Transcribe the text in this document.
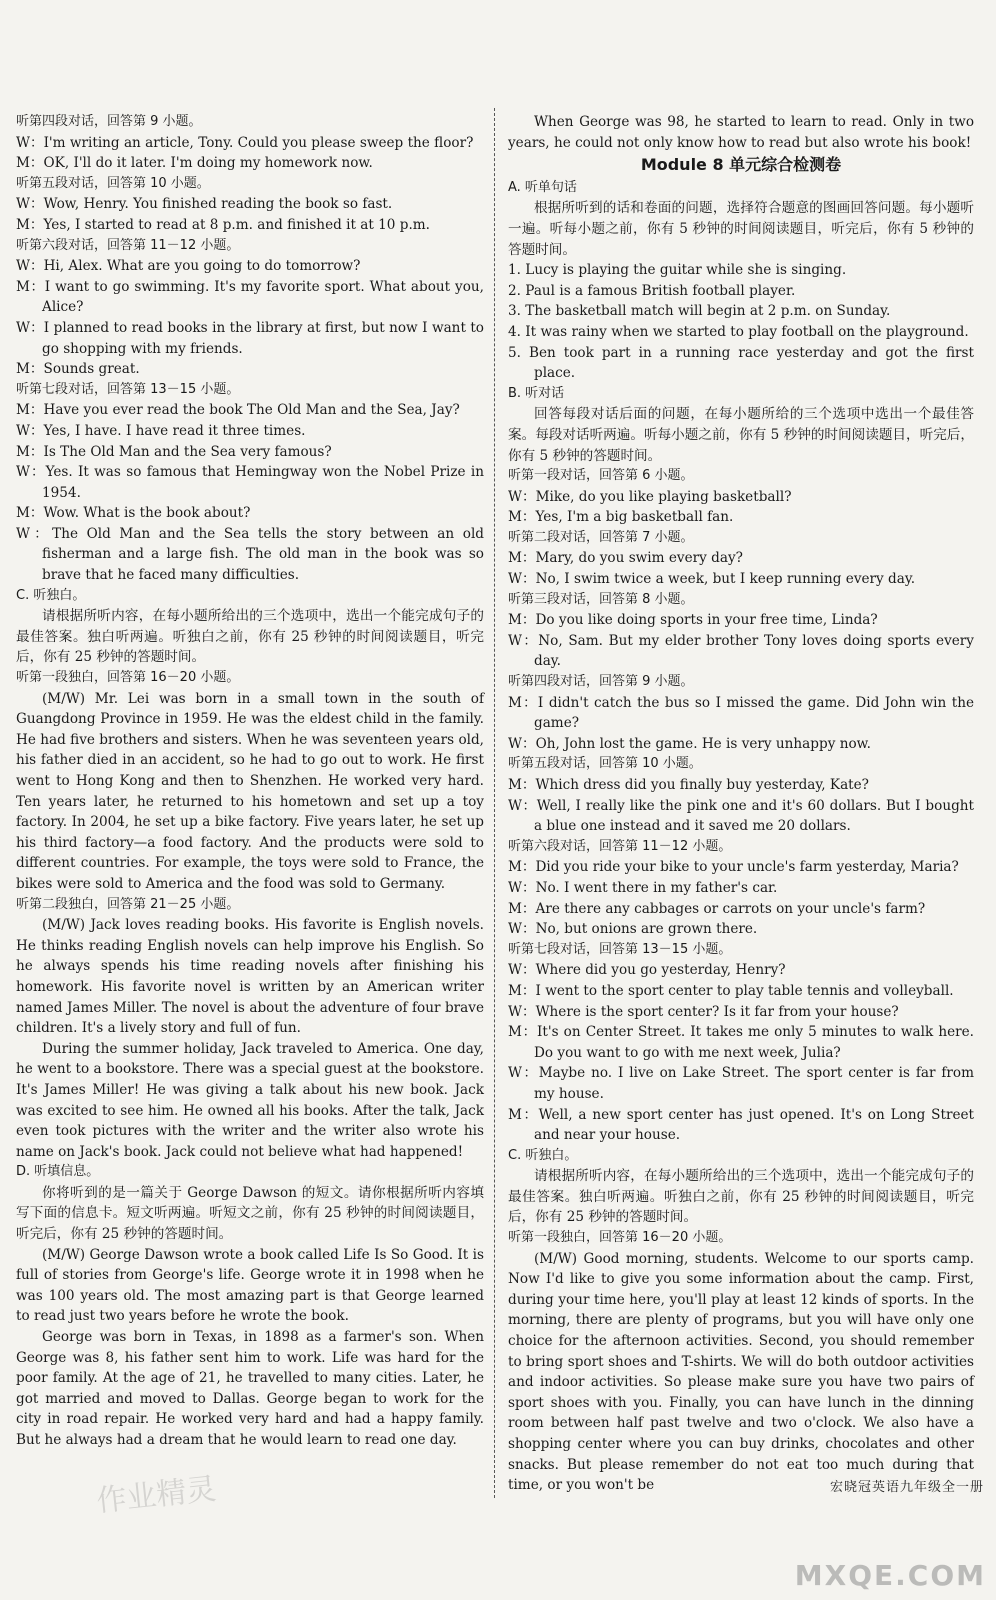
听第四段对话，回答第 9 小题。
W：I'm writing an article, Tony. Could you please sweep the floor?
M：OK, I'll do it later. I'm doing my homework now.
听第五段对话，回答第 10 小题。
W：Wow, Henry. You finished reading the book so fast.
M：Yes, I started to read at 8 p.m. and finished it at 10 p.m.
听第六段对话，回答第 11－12 小题。
W：Hi, Alex. What are you going to do tomorrow?
M：I want to go swimming. It's my favorite sport. What about you, Alice?
W：I planned to read books in the library at first, but now I want to go shopping with my friends.
M：Sounds great.
听第七段对话，回答第 13－15 小题。
M：Have you ever read the book The Old Man and the Sea, Jay?
W：Yes, I have. I have read it three times.
M：Is The Old Man and the Sea very famous?
W：Yes. It was so famous that Hemingway won the Nobel Prize in 1954.
M：Wow. What is the book about?
W：The Old Man and the Sea tells the story between an old fisherman and a large fish. The old man in the book was so brave that he faced many difficulties.
C. 听独白。
请根据所听内容，在每小题所给出的三个选项中，选出一个能完成句子的最佳答案。独白听两遍。听独白之前，你有 25 秒钟的时间阅读题目，听完后，你有 25 秒钟的答题时间。
听第一段独白，回答第 16－20 小题。
(M/W) Mr. Lei was born in a small town in the south of Guangdong Province in 1959. He was the eldest child in the family. He had five brothers and sisters. When he was seventeen years old, his father died in an accident, so he had to go out to work. He first went to Hong Kong and then to Shenzhen. He worked very hard. Ten years later, he returned to his hometown and set up a toy factory. In 2004, he set up a bike factory. Five years later, he set up his third factory—a food factory. And the products were sold to different countries. For example, the toys were sold to France, the bikes were sold to America and the food was sold to Germany.
听第二段独白，回答第 21－25 小题。
(M/W) Jack loves reading books. His favorite is English novels. He thinks reading English novels can help improve his English. So he always spends his time reading novels after finishing his homework. His favorite novel is written by an American writer named James Miller. The novel is about the adventure of four brave children. It's a lively story and full of fun.
During the summer holiday, Jack traveled to America. One day, he went to a bookstore. There was a special guest at the bookstore. It's James Miller! He was giving a talk about his new book. Jack was excited to see him. He owned all his books. After the talk, Jack even took pictures with the writer and the writer also wrote his name on Jack's book. Jack could not believe what had happened!
D. 听填信息。
你将听到的是一篇关于 George Dawson 的短文。请你根据所听内容填写下面的信息卡。短文听两遍。听短文之前，你有 25 秒钟的时间阅读题目，听完后，你有 25 秒钟的答题时间。
(M/W) George Dawson wrote a book called Life Is So Good. It is full of stories from George's life. George wrote it in 1998 when he was 100 years old. The most amazing part is that George learned to read just two years before he wrote the book.
George was born in Texas, in 1898 as a farmer's son. When George was 8, his father sent him to work. Life was hard for the poor family. At the age of 21, he travelled to many cities. Later, he got married and moved to Dallas. George began to work for the city in road repair. He worked very hard and had a happy family. But he always had a dream that he would learn to read one day.
When George was 98, he started to learn to read. Only in two years, he could not only know how to read but also wrote his book!
Module 8 单元综合检测卷
A. 听单句话
根据所听到的话和卷面的问题，选择符合题意的图画回答问题。每小题听一遍。听每小题之前，你有 5 秒钟的时间阅读题目，听完后，你有 5 秒钟的答题时间。
1. Lucy is playing the guitar while she is singing.
2. Paul is a famous British football player.
3. The basketball match will begin at 2 p.m. on Sunday.
4. It was rainy when we started to play football on the playground.
5. Ben took part in a running race yesterday and got the first place.
B. 听对话
回答每段对话后面的问题，在每小题所给的三个选项中选出一个最佳答案。每段对话听两遍。听每小题之前，你有 5 秒钟的时间阅读题目，听完后，你有 5 秒钟的答题时间。
听第一段对话，回答第 6 小题。
W：Mike, do you like playing basketball?
M：Yes, I'm a big basketball fan.
听第二段对话，回答第 7 小题。
M：Mary, do you swim every day?
W：No, I swim twice a week, but I keep running every day.
听第三段对话，回答第 8 小题。
M：Do you like doing sports in your free time, Linda?
W：No, Sam. But my elder brother Tony loves doing sports every day.
听第四段对话，回答第 9 小题。
M：I didn't catch the bus so I missed the game. Did John win the game?
W：Oh, John lost the game. He is very unhappy now.
听第五段对话，回答第 10 小题。
M：Which dress did you finally buy yesterday, Kate?
W：Well, I really like the pink one and it's 60 dollars. But I bought a blue one instead and it saved me 20 dollars.
听第六段对话，回答第 11－12 小题。
M：Did you ride your bike to your uncle's farm yesterday, Maria?
W：No. I went there in my father's car.
M：Are there any cabbages or carrots on your uncle's farm?
W：No, but onions are grown there.
听第七段对话，回答第 13－15 小题。
W：Where did you go yesterday, Henry?
M：I went to the sport center to play table tennis and volleyball.
W：Where is the sport center? Is it far from your house?
M：It's on Center Street. It takes me only 5 minutes to walk here. Do you want to go with me next week, Julia?
W：Maybe no. I live on Lake Street. The sport center is far from my house.
M：Well, a new sport center has just opened. It's on Long Street and near your house.
C. 听独白。
请根据所听内容，在每小题所给出的三个选项中，选出一个能完成句子的最佳答案。独白听两遍。听独白之前，你有 25 秒钟的时间阅读题目，听完后，你有 25 秒钟的答题时间。
听第一段独白，回答第 16－20 小题。
(M/W) Good morning, students. Welcome to our sports camp. Now I'd like to give you some information about the camp. First, during your time here, you'll play at least 12 kinds of sports. In the morning, there are plenty of programs, but you will have only one choice for the afternoon activities. Second, you should remember to bring sport shoes and T-shirts. We will do both outdoor activities and indoor activities. So please make sure you have two pairs of sport shoes with you. Finally, you can have lunch in the dinning room between half past twelve and two o'clock. We also have a shopping center where you can buy drinks, chocolates and other snacks. But please remember do not eat too much during that time, or you won't be
作业精灵	宏晓冠英语九年级全一册
MXQE.COM
